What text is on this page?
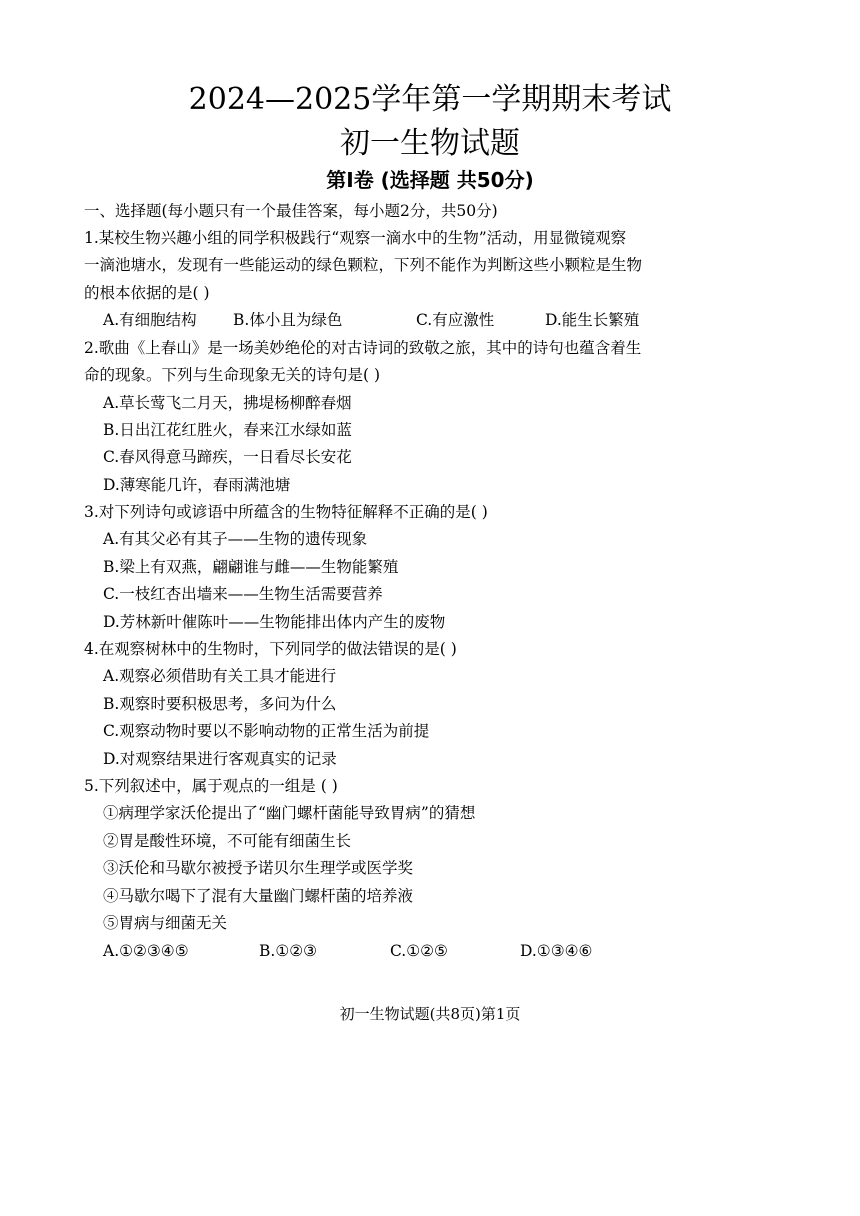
2024—2025学年第一学期期末考试
初一生物试题
第Ⅰ卷 (选择题 共50分)
一、选择题(每小题只有一个最佳答案，每小题2分，共50分)
1.某校生物兴趣小组的同学积极践行“观察一滴水中的生物”活动，用显微镜观察
一滴池塘水，发现有一些能运动的绿色颗粒，下列不能作为判断这些小颗粒是生物
的根本依据的是( )
A.有细胞结构 B.体小且为绿色	C.有应激性	D.能生长繁殖
2.歌曲《上春山》是一场美妙绝伦的对古诗词的致敬之旅，其中的诗句也蕴含着生
命的现象。下列与生命现象无关的诗句是( )
A.草长莺飞二月天，拂堤杨柳醉春烟
B.日出江花红胜火，春来江水绿如蓝
C.春风得意马蹄疾，一日看尽长安花
D.薄寒能几许，春雨满池塘
3.对下列诗句或谚语中所蕴含的生物特征解释不正确的是( )
A.有其父必有其子——生物的遗传现象
B.梁上有双燕，翩翩谁与雌——生物能繁殖
C.一枝红杏出墙来——生物生活需要营养
D.芳林新叶催陈叶——生物能排出体内产生的废物
4.在观察树林中的生物时，下列同学的做法错误的是( )
A.观察必须借助有关工具才能进行
B.观察时要积极思考，多问为什么
C.观察动物时要以不影响动物的正常生活为前提
D.对观察结果进行客观真实的记录
5.下列叙述中，属于观点的一组是 ( )
①病理学家沃伦提出了“幽门螺杆菌能导致胃病”的猜想
②胃是酸性环境，不可能有细菌生长
③沃伦和马歇尔被授予诺贝尔生理学或医学奖
④马歇尔喝下了混有大量幽门螺杆菌的培养液
⑤胃病与细菌无关
A.①②③④⑤	B.①②③	C.①②⑤	D.①③④⑥
初一生物试题(共8页)第1页
